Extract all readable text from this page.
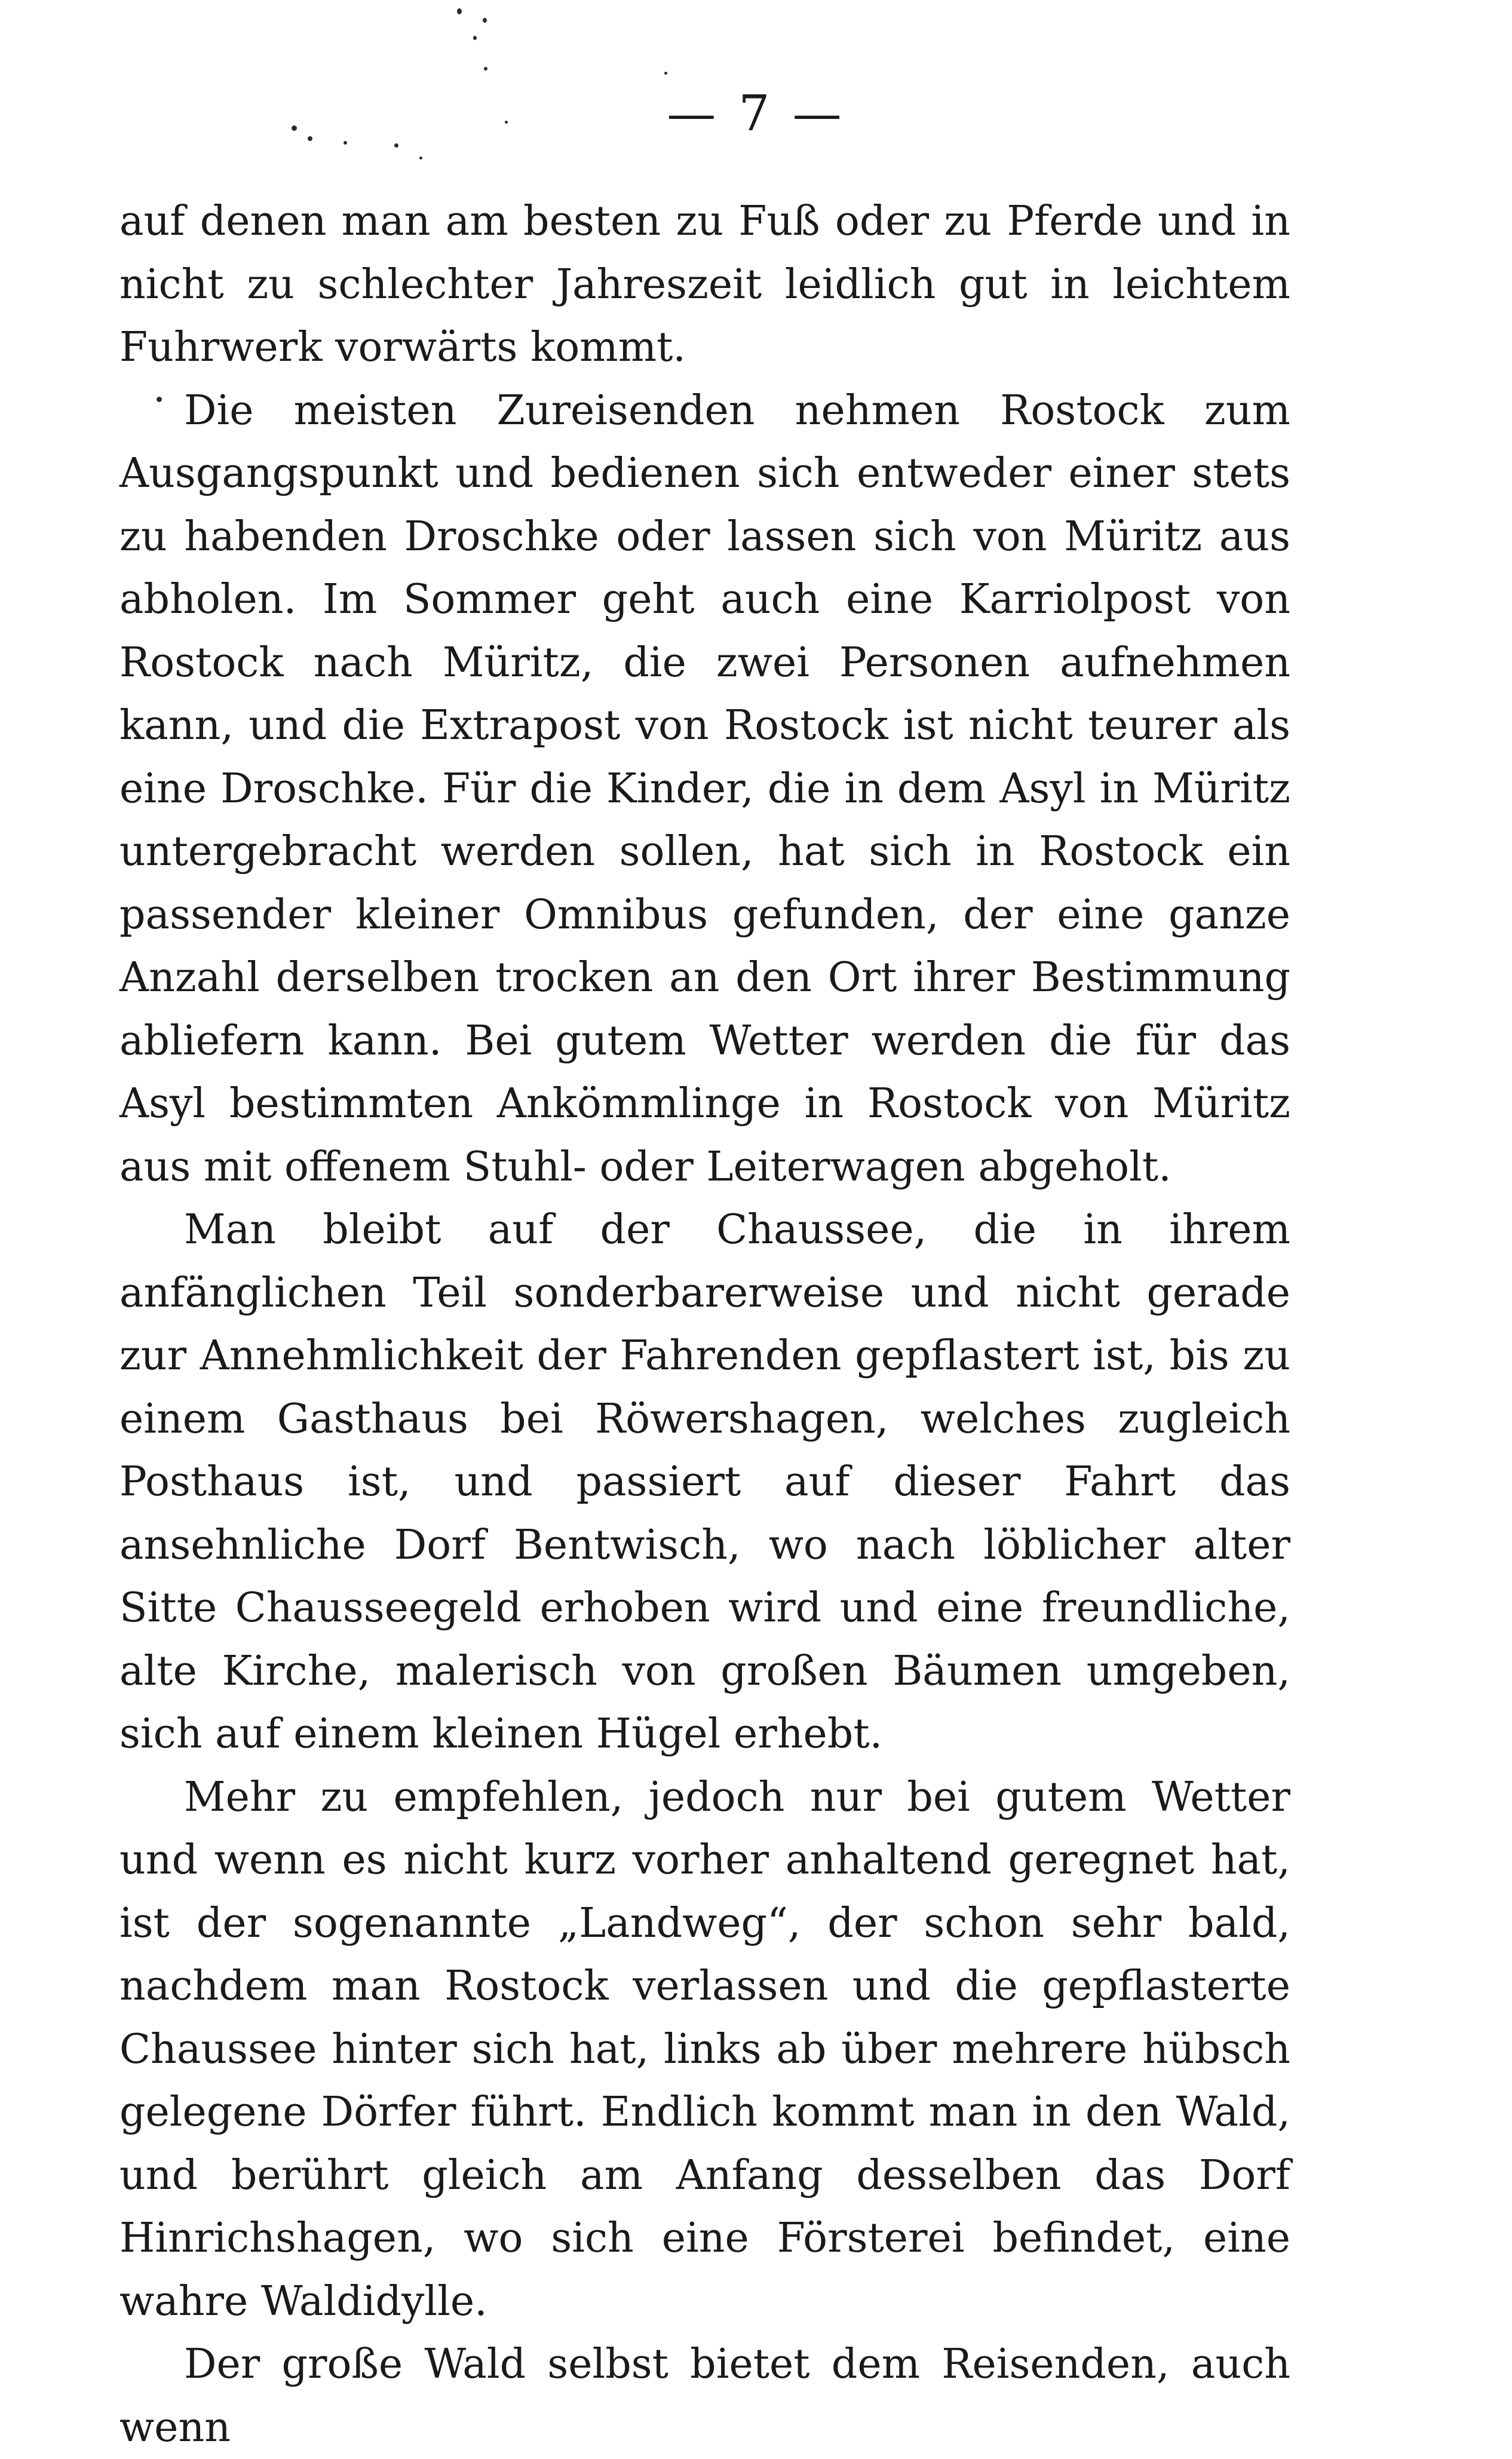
— 7 —

auf denen man am besten zu Fuß oder zu Pferde und in nicht zu schlechter Jahreszeit leidlich gut in leichtem Fuhrwerk vorwärts kommt.

Die meisten Zureisenden nehmen Rostock zum Ausgangspunkt und bedienen sich entweder einer stets zu habenden Droschke oder lassen sich von Müritz aus abholen. Im Sommer geht auch eine Karriolpost von Rostock nach Müritz, die zwei Personen aufnehmen kann, und die Extrapost von Rostock ist nicht teurer als eine Droschke. Für die Kinder, die in dem Asyl in Müritz untergebracht werden sollen, hat sich in Rostock ein passender kleiner Omnibus gefunden, der eine ganze Anzahl derselben trocken an den Ort ihrer Bestimmung abliefern kann. Bei gutem Wetter werden die für das Asyl bestimmten Ankömmlinge in Rostock von Müritz aus mit offenem Stuhl- oder Leiterwagen abgeholt.

Man bleibt auf der Chaussee, die in ihrem anfänglichen Teil sonderbarerweise und nicht gerade zur Annehmlichkeit der Fahrenden gepflastert ist, bis zu einem Gasthaus bei Röwershagen, welches zugleich Posthaus ist, und passiert auf dieser Fahrt das ansehnliche Dorf Bentwisch, wo nach löblicher alter Sitte Chausseegeld erhoben wird und eine freundliche, alte Kirche, malerisch von großen Bäumen umgeben, sich auf einem kleinen Hügel erhebt.

Mehr zu empfehlen, jedoch nur bei gutem Wetter und wenn es nicht kurz vorher anhaltend geregnet hat, ist der sogenannte „Landweg“, der schon sehr bald, nachdem man Rostock verlassen und die gepflasterte Chaussee hinter sich hat, links ab über mehrere hübsch gelegene Dörfer führt. Endlich kommt man in den Wald, und berührt gleich am Anfang desselben das Dorf Hinrichshagen, wo sich eine Försterei befindet, eine wahre Waldidylle.

Der große Wald selbst bietet dem Reisenden, auch wenn
